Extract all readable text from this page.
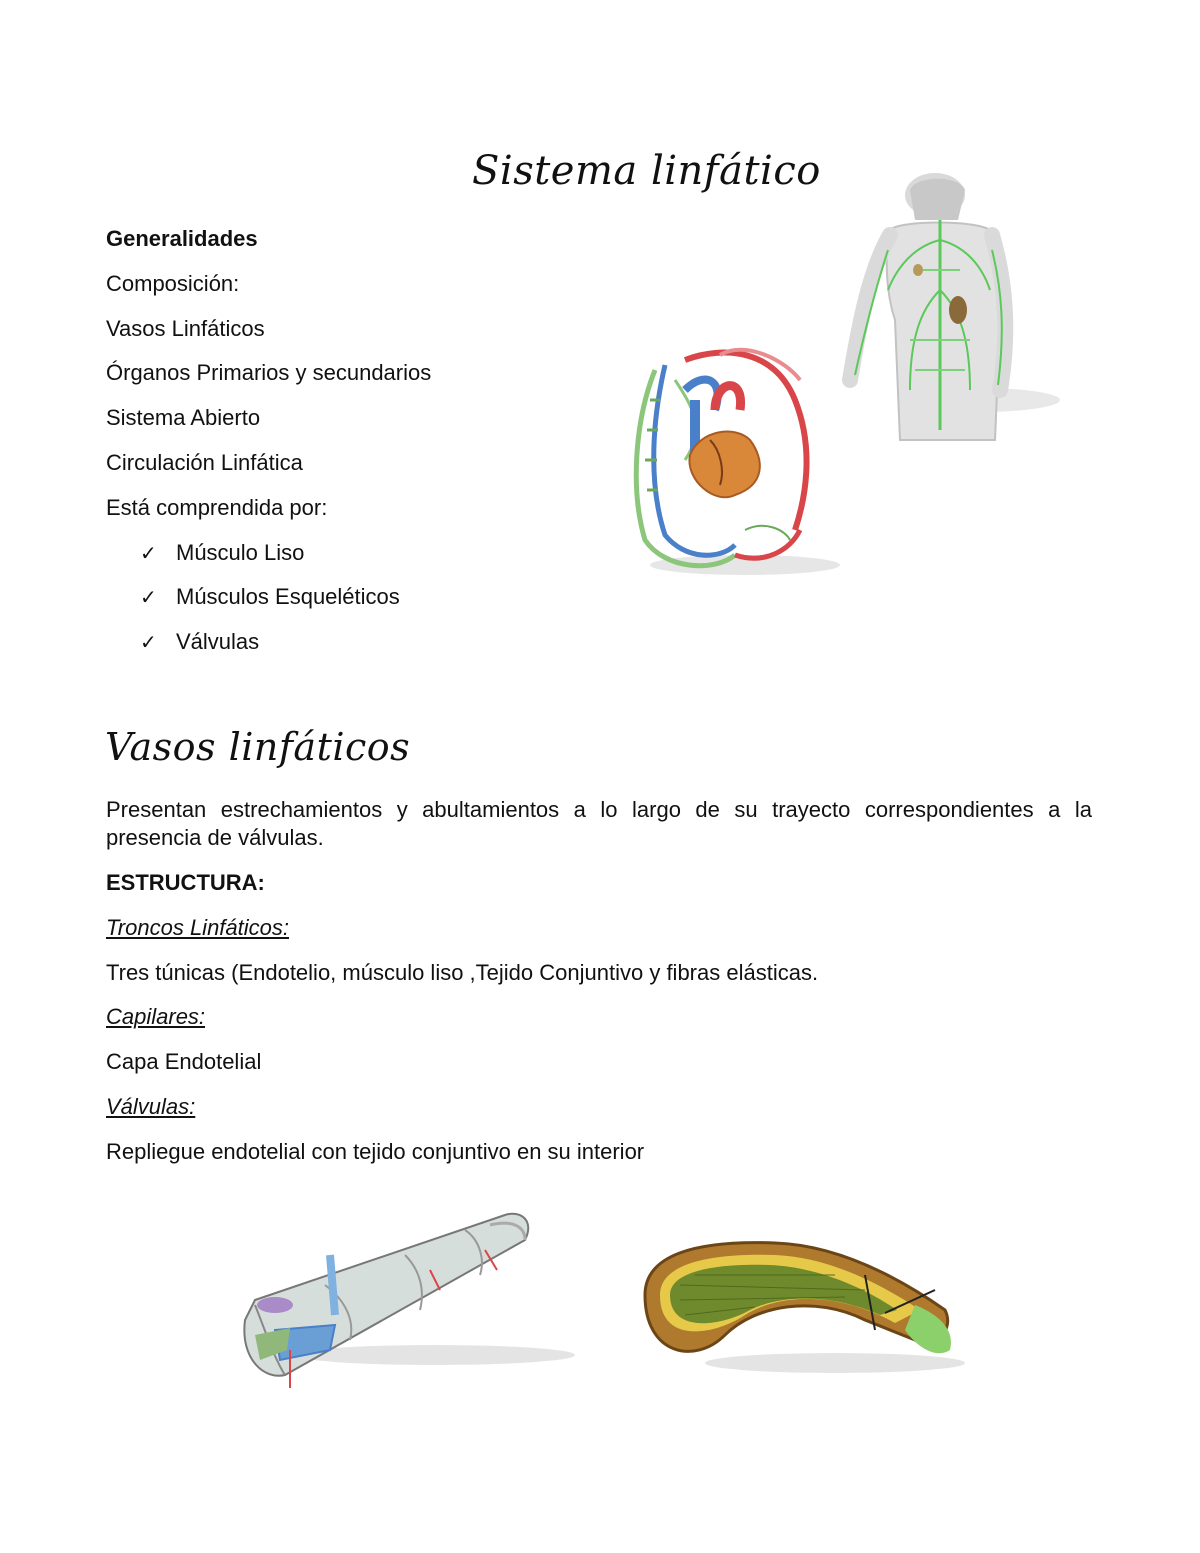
Sistema linfático
Generalidades
Composición:
Vasos Linfáticos
Órganos Primarios y secundarios
Sistema Abierto
Circulación Linfática
Está comprendida por:
✓ Músculo Liso
✓ Músculos Esqueléticos
✓ Válvulas
Vasos linfáticos
Presentan estrechamientos y abultamientos a lo largo de su trayecto correspondientes a la presencia de válvulas.
ESTRUCTURA:
Troncos Linfáticos:
Tres túnicas (Endotelio, músculo liso ,Tejido Conjuntivo y fibras elásticas.
Capilares:
Capa Endotelial
Válvulas:
Repliegue endotelial con tejido conjuntivo en su interior
